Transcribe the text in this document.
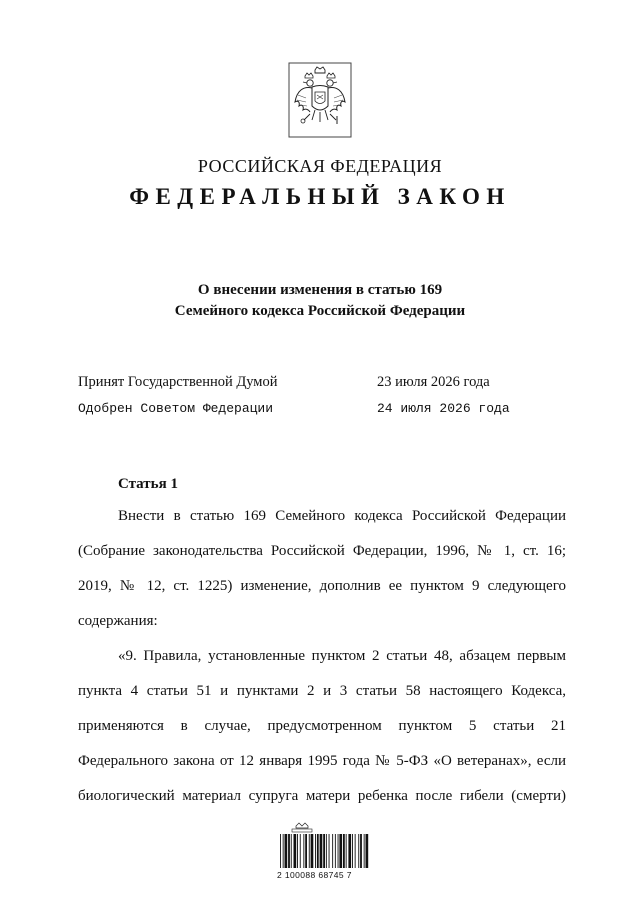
РОССИЙСКАЯ ФЕДЕРАЦИЯ
ФЕДЕРАЛЬНЫЙ ЗАКОН
О внесении изменения в статью 169
Семейного кодекса Российской Федерации
Принят Государственной Думой	23 июля 2026 года
Одобрен Советом Федерации	24 июля 2026 года
Статья 1
Внести в статью 169 Семейного кодекса Российской Федерации
(Собрание законодательства Российской Федерации, 1996, № 1, ст. 16;
2019, № 12, ст. 1225) изменение, дополнив ее пунктом 9 следующего
содержания:
«9. Правила, установленные пунктом 2 статьи 48, абзацем первым
пункта 4 статьи 51 и пунктами 2 и 3 статьи 58 настоящего Кодекса,
применяются в случае, предусмотренном пунктом 5 статьи 21
Федерального закона от 12 января 1995 года № 5-ФЗ «О ветеранах», если
биологический материал супруга матери ребенка после гибели (смерти)
2 100088 68745 7
